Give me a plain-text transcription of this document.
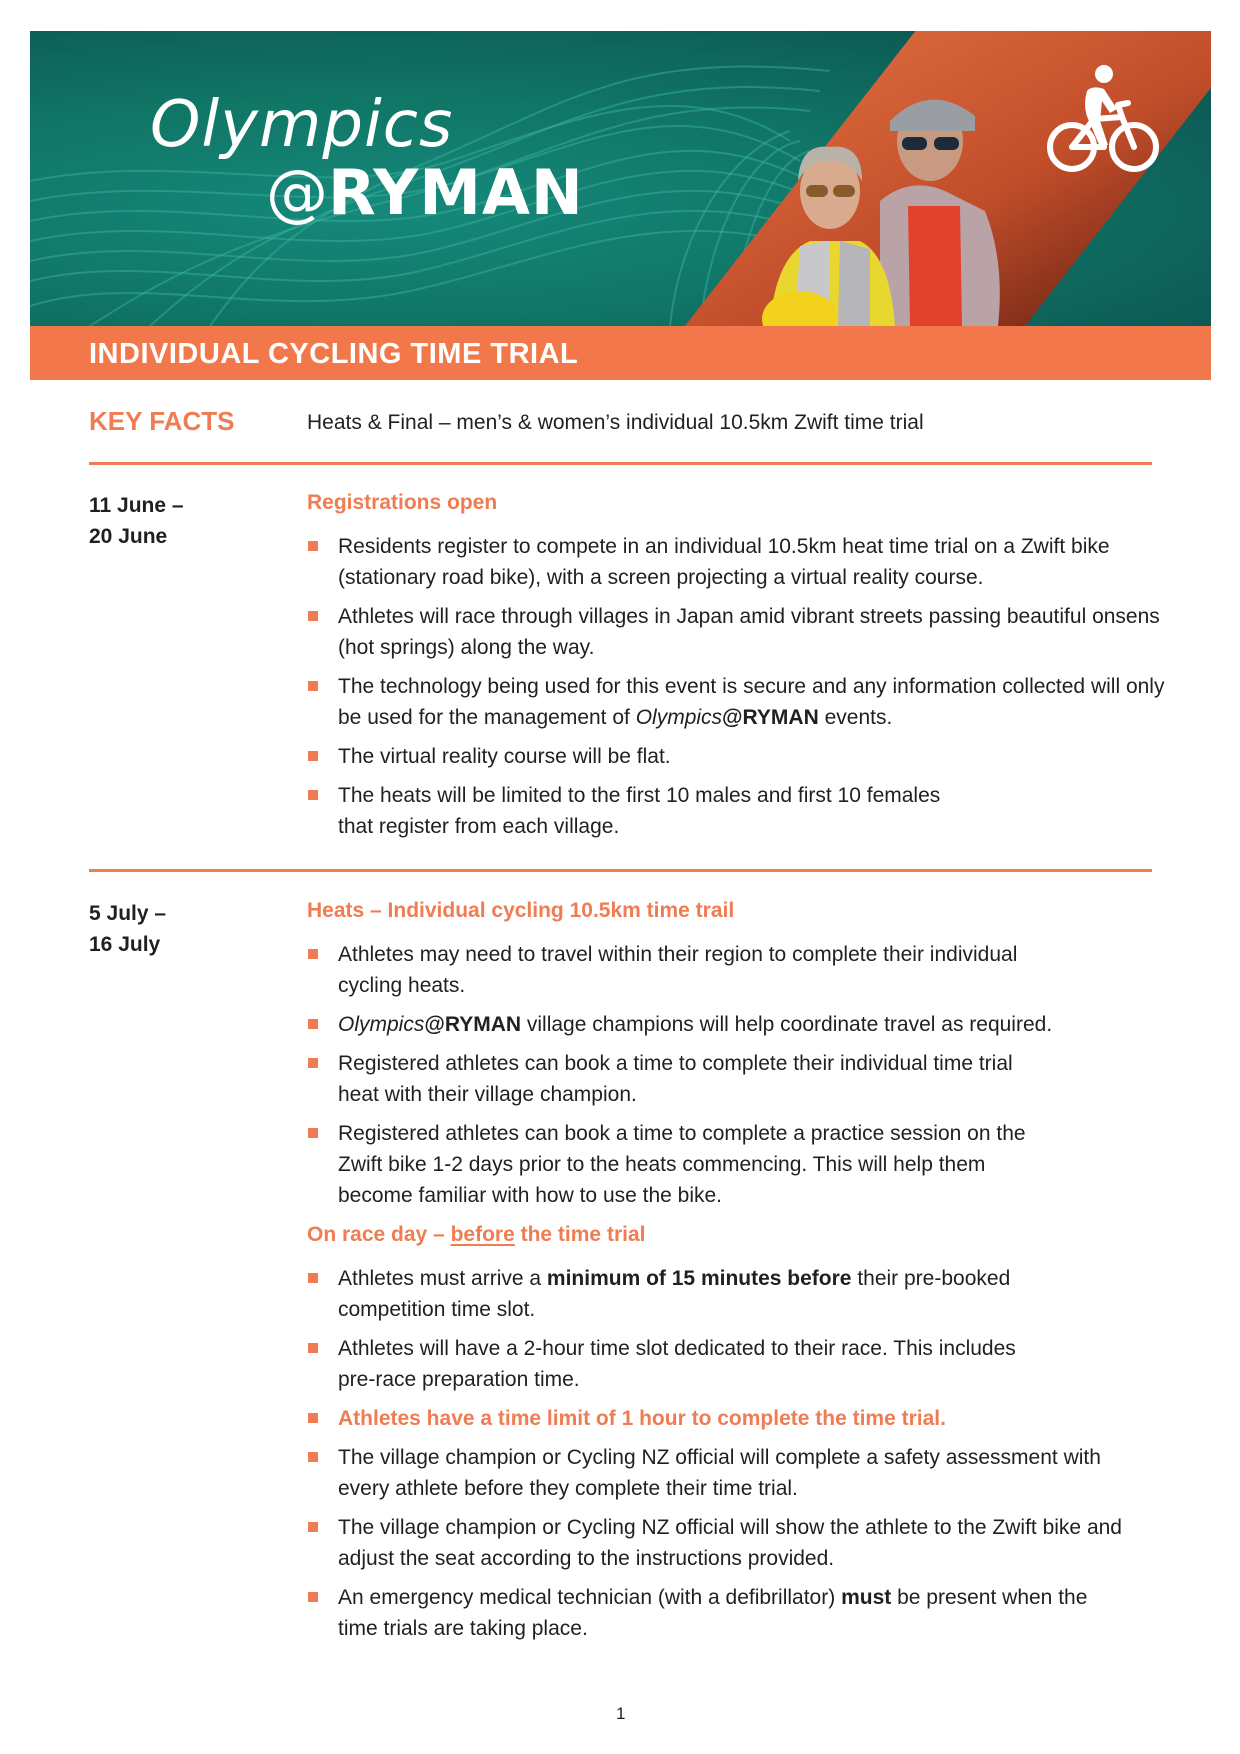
Olympics
@RYMAN
INDIVIDUAL CYCLING TIME TRIAL
KEY FACTS	Heats & Final – men’s & women’s individual 10.5km Zwift time trial
11 June –
20 June
Registrations open
Residents register to compete in an individual 10.5km heat time trial on a Zwift bike (stationary road bike), with a screen projecting a virtual reality course.
Athletes will race through villages in Japan amid vibrant streets passing beautiful onsens (hot springs) along the way.
The technology being used for this event is secure and any information collected will only be used for the management of Olympics@RYMAN events.
The virtual reality course will be flat.
The heats will be limited to the first 10 males and first 10 females that register from each village.
5 July –
16 July
Heats – Individual cycling 10.5km time trail
Athletes may need to travel within their region to complete their individual cycling heats.
Olympics@RYMAN village champions will help coordinate travel as required.
Registered athletes can book a time to complete their individual time trial heat with their village champion.
Registered athletes can book a time to complete a practice session on the Zwift bike 1-2 days prior to the heats commencing. This will help them become familiar with how to use the bike.
On race day – before the time trial
Athletes must arrive a minimum of 15 minutes before their pre-booked competition time slot.
Athletes will have a 2-hour time slot dedicated to their race. This includes pre-race preparation time.
Athletes have a time limit of 1 hour to complete the time trial.
The village champion or Cycling NZ official will complete a safety assessment with every athlete before they complete their time trial.
The village champion or Cycling NZ official will show the athlete to the Zwift bike and adjust the seat according to the instructions provided.
An emergency medical technician (with a defibrillator) must be present when the time trials are taking place.
1
